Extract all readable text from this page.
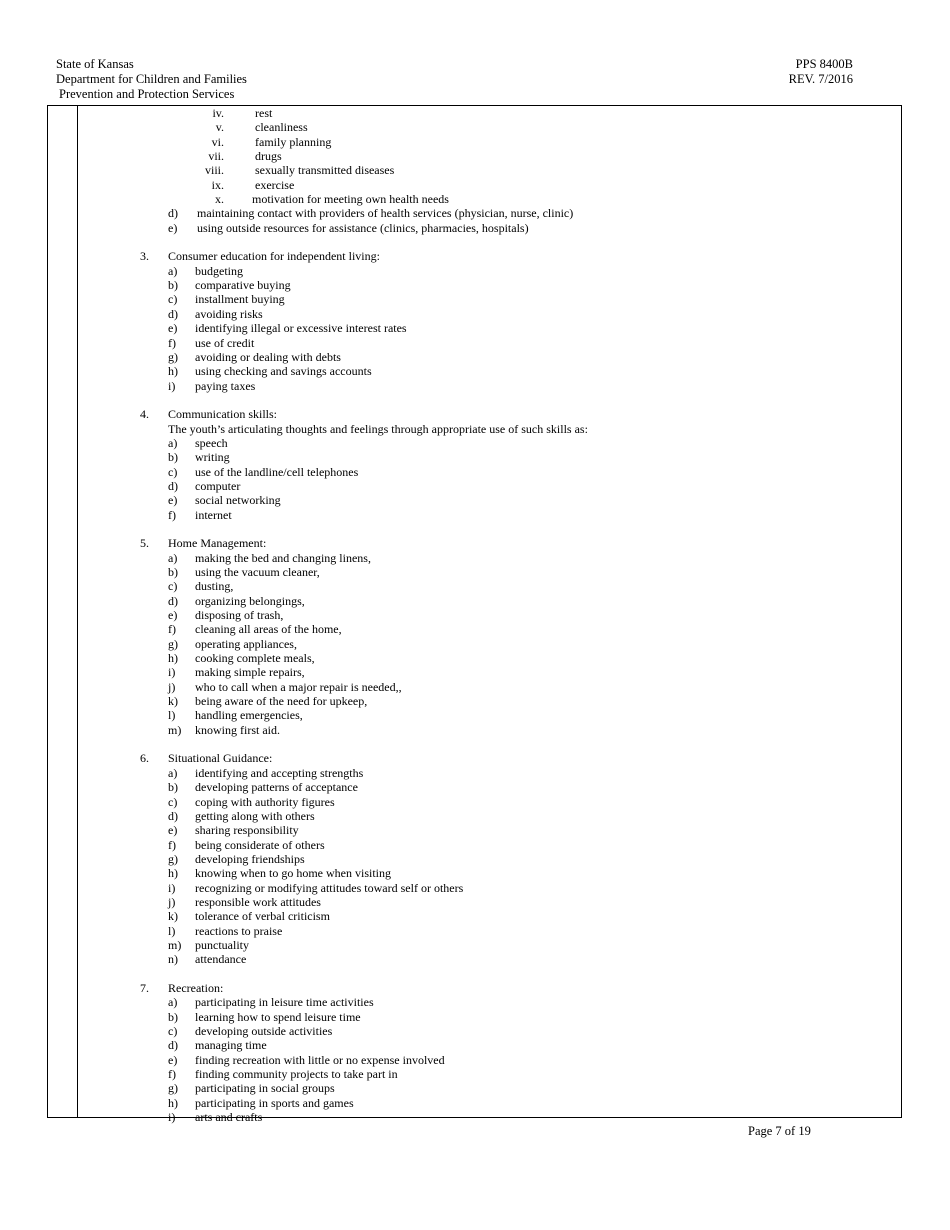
State of Kansas
Department for Children and Families
Prevention and Protection Services
PPS 8400B
REV. 7/2016
iv.	rest
v.	cleanliness
vi.	family planning
vii.	drugs
viii.	sexually transmitted diseases
ix.	exercise
x. motivation for meeting own health needs
d) maintaining contact with providers of health services (physician, nurse, clinic)
e) using outside resources for assistance (clinics, pharmacies, hospitals)
3. Consumer education for independent living:
a) budgeting
b) comparative buying
c) installment buying
d) avoiding risks
e) identifying illegal or excessive interest rates
f) use of credit
g) avoiding or dealing with debts
h) using checking and savings accounts
i) paying taxes
4. Communication skills:
The youth’s articulating thoughts and feelings through appropriate use of such skills as:
a) speech
b) writing
c) use of the landline/cell telephones
d) computer
e) social networking
f) internet
5. Home Management:
a) making the bed and changing linens,
b) using the vacuum cleaner,
c) dusting,
d) organizing belongings,
e) disposing of trash,
f) cleaning all areas of the home,
g) operating appliances,
h) cooking complete meals,
i) making simple repairs,
j) who to call when a major repair is needed,,
k) being aware of the need for upkeep,
l) handling emergencies,
m) knowing first aid.
6. Situational Guidance:
a) identifying and accepting strengths
b) developing patterns of acceptance
c) coping with authority figures
d) getting along with others
e) sharing responsibility
f) being considerate of others
g) developing friendships
h) knowing when to go home when visiting
i) recognizing or modifying attitudes toward self or others
j) responsible work attitudes
k) tolerance of verbal criticism
l) reactions to praise
m) punctuality
n) attendance
7. Recreation:
a) participating in leisure time activities
b) learning how to spend leisure time
c) developing outside activities
d) managing time
e) finding recreation with little or no expense involved
f) finding community projects to take part in
g) participating in social groups
h) participating in sports and games
i) arts and crafts
Page 7 of 19
